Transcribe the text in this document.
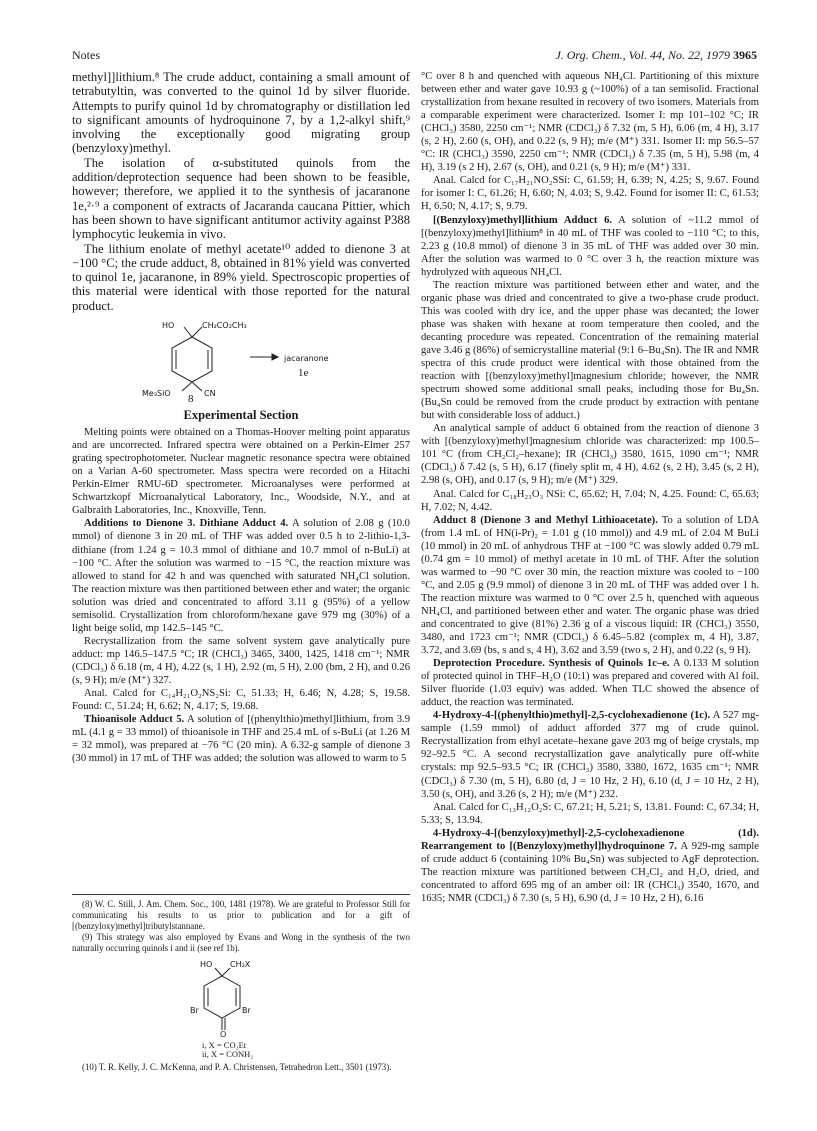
Notes	J. Org. Chem., Vol. 44, No. 22, 1979 3965

methyl]]lithium.⁸ The crude adduct, containing a small amount of tetrabutyltin, was converted to the quinol 1d by silver fluoride. Attempts to purify quinol 1d by chromatography or distillation led to significant amounts of hydroquinone 7, by a 1,2-alkyl shift,⁹ involving the exceptionally good migrating group (benzyloxy)methyl.

The isolation of α-substituted quinols from the addition/deprotection sequence had been shown to be feasible, however; therefore, we applied it to the synthesis of jacaranone 1e,²·⁹ a component of extracts of Jacaranda caucana Pittier, which has been shown to have significant antitumor activity against P388 lymphocytic leukemia in vivo.

The lithium enolate of methyl acetate¹⁰ added to dienone 3 at −100 °C; the crude adduct, 8, obtained in 81% yield was converted to quinol 1e, jacaranone, in 89% yield. Spectroscopic properties of this material were identical with those reported for the natural product.

HO	CH₂CO₂CH₃
Me₃SiO	CN
8
jacaranone
1e
Experimental Section

Melting points were obtained on a Thomas-Hoover melting point apparatus and are uncorrected. Infrared spectra were obtained on a Perkin-Elmer 257 grating spectrophotometer. Nuclear magnetic resonance spectra were obtained on a Varian A-60 spectrometer. Mass spectra were recorded on a Hitachi Perkin-Elmer RMU-6D spectrometer. Microanalyses were performed at Schwartzkopf Microanalytical Laboratory, Inc., Woodside, N.Y., and at Galbraith Laboratories, Inc., Knoxville, Tenn.

Additions to Dienone 3. Dithiane Adduct 4. A solution of 2.08 g (10.0 mmol) of dienone 3 in 20 mL of THF was added over 0.5 h to 2-lithio-1,3-dithiane (from 1.24 g = 10.3 mmol of dithiane and 10.7 mmol of n-BuLi) at −100 °C. After the solution was warmed to −15 °C, the reaction mixture was allowed to stand for 42 h and was quenched with saturated NH₄Cl solution. The reaction mixture was then partitioned between ether and water; the organic solution was dried and concentrated to afford 3.11 g (95%) of a yellow semisolid. Crystallization from chloroform/hexane gave 979 mg (30%) of a light beige solid, mp 142.5–145 °C.

Recrystallization from the same solvent system gave analytically pure adduct: mp 146.5–147.5 °C; IR (CHCl₃) 3465, 3400, 1425, 1418 cm⁻¹; NMR (CDCl₃) δ 6.18 (m, 4 H), 4.22 (s, 1 H), 2.92 (m, 5 H), 2.00 (bm, 2 H), and 0.26 (s, 9 H); m/e (M⁺) 327.

Anal. Calcd for C₁₄H₂₁O₂NS₂Si: C, 51.33; H, 6.46; N, 4.28; S, 19.58. Found: C, 51.24; H, 6.62; N, 4.17; S, 19.68.

Thioanisole Adduct 5. A solution of [(phenylthio)methyl]lithium, from 3.9 mL (4.1 g = 33 mmol) of thioanisole in THF and 25.4 mL of s-BuLi (at 1.26 M = 32 mmol), was prepared at −76 °C (20 min). A 6.32-g sample of dienone 3 (30 mmol) in 17 mL of THF was added; the solution was allowed to warm to 5

(8) W. C. Still, J. Am. Chem. Soc., 100, 1481 (1978). We are grateful to Professor Still for communicating his results to us prior to publication and for a gift of [(benzyloxy)methyl]tributylstannane.

(9) This strategy was also employed by Evans and Wong in the synthesis of the two naturally occurring quinols i and ii (see ref 1b).

HO CH₂X
Br	Br
O
i, X = CO₂Et
ii, X = CONH₂

(10) T. R. Kelly, J. C. McKenna, and P. A. Christensen, Tetrahedron Lett., 3501 (1973).

°C over 8 h and quenched with aqueous NH₄Cl. Partitioning of this mixture between ether and water gave 10.93 g (~100%) of a tan semisolid. Fractional crystallization from hexane resulted in recovery of two isomers. Materials from a comparable experiment were characterized. Isomer I: mp 101–102 °C; IR (CHCl₃) 3580, 2250 cm⁻¹; NMR (CDCl₃) δ 7.32 (m, 5 H), 6.06 (m, 4 H), 3.17 (s, 2 H), 2.60 (s, OH), and 0.22 (s, 9 H); m/e (M⁺) 331. Isomer II: mp 56.5–57 °C: IR (CHCl₃) 3590, 2250 cm⁻¹; NMR (CDCl₃) δ 7.35 (m, 5 H), 5.98 (m, 4 H), 3.19 (s 2 H), 2.67 (s, OH), and 0.21 (s, 9 H); m/e (M⁺) 331.

Anal. Calcd for C₁₇H₂₁NO₂SSi: C, 61.59; H, 6.39; N, 4.25; S, 9.67. Found for isomer I: C, 61.26; H, 6.60; N, 4.03; S, 9.42. Found for isomer II: C, 61.53; H, 6.50; N, 4.17; S, 9.79.

[(Benzyloxy)methyl]lithium Adduct 6. A solution of ~11.2 mmol of [(benzyloxy)methyl]lithium⁸ in 40 mL of THF was cooled to −110 °C; to this, 2.23 g (10.8 mmol) of dienone 3 in 35 mL of THF was added over 30 min. After the solution was warmed to 0 °C over 3 h, the reaction mixture was hydrolyzed with aqueous NH₄Cl.

The reaction mixture was partitioned between ether and water, and the organic phase was dried and concentrated to give a two-phase crude product. This was cooled with dry ice, and the upper phase was decanted; the lower phase was shaken with hexane at room temperature then cooled, and the decanting procedure was repeated. Concentration of the remaining material gave 3.46 g (86%) of semicrystalline material (9:1 6–Bu₄Sn). The IR and NMR spectra of this crude product were identical with those obtained from the reaction with [(benzyloxy)methyl]magnesium chloride; however, the NMR spectrum showed some additional small peaks, including those for Bu₄Sn. (Bu₄Sn could be removed from the crude product by extraction with pentane but with considerable loss of adduct.)

An analytical sample of adduct 6 obtained from the reaction of dienone 3 with [(benzyloxy)methyl]magnesium chloride was characterized: mp 100.5–101 °C (from CH₂Cl₂–hexane); IR (CHCl₃) 3580, 1615, 1090 cm⁻¹; NMR (CDCl₃) δ 7.42 (s, 5 H), 6.17 (finely split m, 4 H), 4.62 (s, 2 H), 3.45 (s, 2 H), 2.98 (s, OH), and 0.17 (s, 9 H); m/e (M⁺) 329.

Anal. Calcd for C₁₈H₂₃O₃ NSi: C, 65.62; H, 7.04; N, 4.25. Found: C, 65.63; H, 7.02; N, 4.42.

Adduct 8 (Dienone 3 and Methyl Lithioacetate). To a solution of LDA (from 1.4 mL of HN(i-Pr)₂ = 1.01 g (10 mmol)) and 4.9 mL of 2.04 M BuLi (10 mmol) in 20 mL of anhydrous THF at −100 °C was slowly added 0.79 mL (0.74 gm = 10 mmol) of methyl acetate in 10 mL of THF. After the solution was warmed to −90 °C over 30 min, the reaction mixture was cooled to −100 °C, and 2.05 g (9.9 mmol) of dienone 3 in 20 mL of THF was added over 1 h. The reaction mixture was warmed to 0 °C over 2.5 h, quenched with aqueous NH₄Cl, and partitioned between ether and water. The organic phase was dried and concentrated to give (81%) 2.36 g of a viscous liquid: IR (CHCl₃) 3550, 3480, and 1723 cm⁻¹; NMR (CDCl₃) δ 6.45–5.82 (complex m, 4 H), 3.87, 3.72, and 3.69 (bs, s and s, 4 H), 3.62 and 3.59 (two s, 2 H), and 0.22 (s, 9 H).

Deprotection Procedure. Synthesis of Quinols 1c–e. A 0.133 M solution of protected quinol in THF–H₂O (10:1) was prepared and covered with Al foil. Silver fluoride (1.03 equiv) was added. When TLC showed the absence of adduct, the reaction was terminated.

4-Hydroxy-4-[(phenylthio)methyl]-2,5-cyclohexadienone (1c). A 527 mg-sample (1.59 mmol) of adduct afforded 377 mg of crude quinol. Recrystallization from ethyl acetate–hexane gave 203 mg of beige crystals, mp 92–92.5 °C. A second recrystallization gave analytically pure off-white crystals: mp 92.5–93.5 °C; IR (CHCl₃) 3580, 3380, 1672, 1635 cm⁻¹; NMR (CDCl₃) δ 7.30 (m, 5 H), 6.80 (d, J = 10 Hz, 2 H), 6.10 (d, J = 10 Hz, 2 H), 3.50 (s, OH), and 3.26 (s, 2 H); m/e (M⁺) 232.

Anal. Calcd for C₁₃H₁₂O₂S: C, 67.21; H, 5.21; S, 13.81. Found: C, 67.34; H, 5.33; S, 13.94.

4-Hydroxy-4-[(benzyloxy)methyl]-2,5-cyclohexadienone (1d). Rearrangement to [(Benzyloxy)methyl]hydroquinone 7. A 929-mg sample of crude adduct 6 (containing 10% Bu₄Sn) was subjected to AgF deprotection. The reaction mixture was partitioned between CH₂Cl₂ and H₂O, dried, and concentrated to afford 695 mg of an amber oil: IR (CHCl₃) 3540, 1670, and 1635; NMR (CDCl₃) δ 7.30 (s, 5 H), 6.90 (d, J = 10 Hz, 2 H), 6.16
